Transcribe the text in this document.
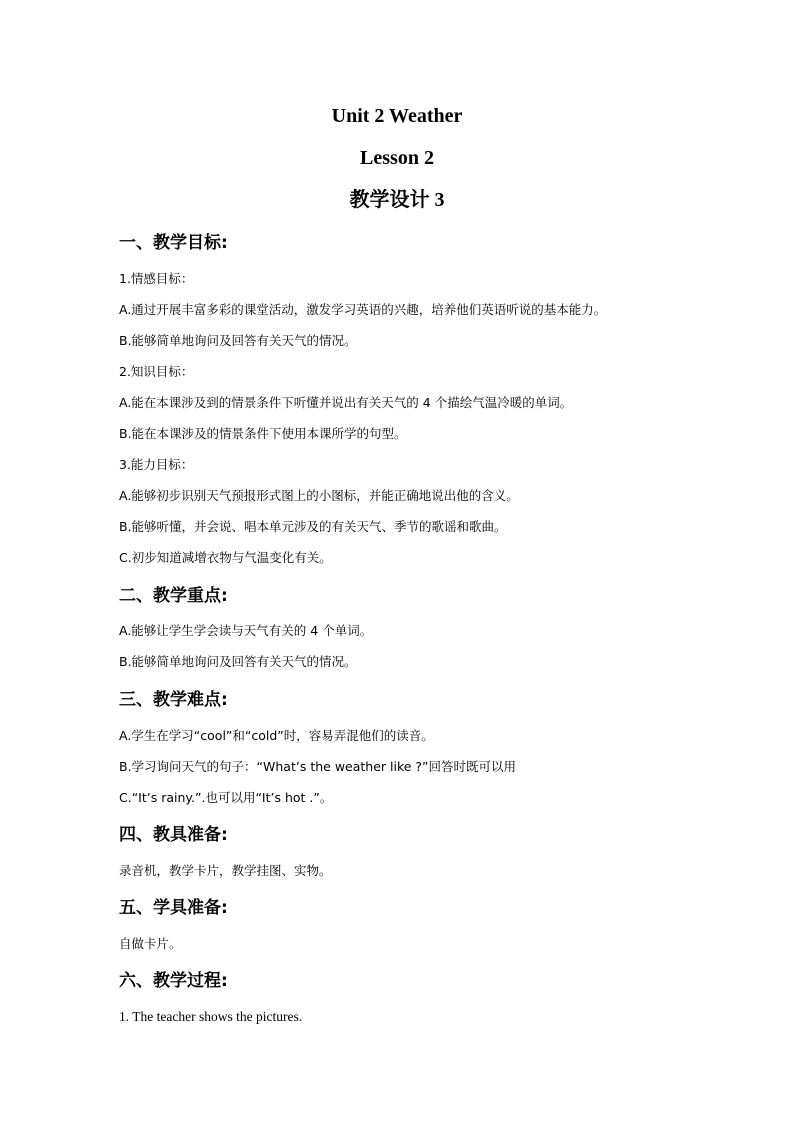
Unit 2 Weather
Lesson 2
教学设计 3
一、教学目标:

1.情感目标：

A.通过开展丰富多彩的课堂活动，激发学习英语的兴趣，培养他们英语听说的基本能力。

B.能够简单地询问及回答有关天气的情况。

2.知识目标：

A.能在本课涉及到的情景条件下听懂并说出有关天气的 4 个描绘气温冷暖的单词。

B.能在本课涉及的情景条件下使用本课所学的句型。

3.能力目标：

A.能够初步识别天气预报形式图上的小图标，并能正确地说出他的含义。

B.能够听懂，并会说、唱本单元涉及的有关天气、季节的歌谣和歌曲。

C.初步知道减增衣物与气温变化有关。

二、教学重点:

A.能够让学生学会读与天气有关的 4 个单词。

B.能够简单地询问及回答有关天气的情况。

三、教学难点:

A.学生在学习“cool”和“cold”时，容易弄混他们的读音。

B.学习询问天气的句子：“What’s the weather like ?”回答时既可以用

C.“It’s rainy.”.也可以用“It’s hot .”。

四、教具准备:

录音机，教学卡片，教学挂图、实物。

五、学具准备:

自做卡片。

六、教学过程:

1. The teacher shows the pictures.
